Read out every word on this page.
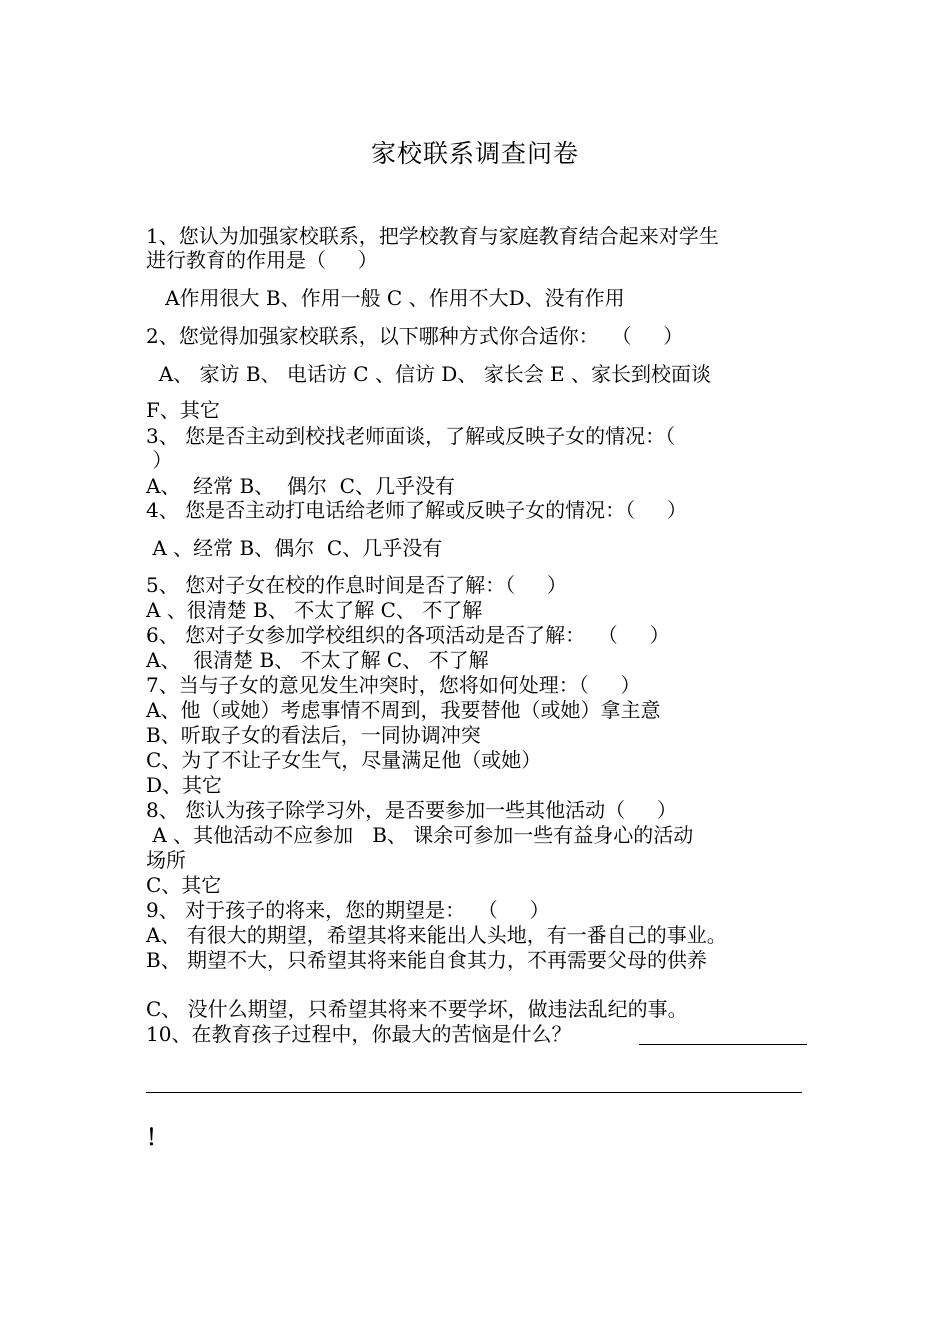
家校联系调查问卷
1、您认为加强家校联系，把学校教育与家庭教育结合起来对学生
进行教育的作用是（     ）
A作用很大 B、作用一般 C 、作用不大D、没有作用
2、您觉得加强家校联系，以下哪种方式你合适你：  （     ）
A、 家访 B、 电话访 C 、信访 D、 家长会 E 、家长到校面谈
F、其它
3、 您是否主动到校找老师面谈，了解或反映子女的情况：（
）
A、  经常 B、  偶尔  C、几乎没有
4、 您是否主动打电话给老师了解或反映子女的情况：（     ）
A 、经常 B、偶尔  C、几乎没有
5、 您对子女在校的作息时间是否了解：（     ）
A 、很清楚 B、 不太了解 C、 不了解
6、 您对子女参加学校组织的各项活动是否了解：  （     ）
A、  很清楚 B、 不太了解 C、 不了解
7、当与子女的意见发生冲突时，您将如何处理：（     ）
A、他（或她）考虑事情不周到，我要替他（或她）拿主意
B、听取子女的看法后，一同协调冲突
C、为了不让子女生气，尽量满足他（或她）
D、其它
8、 您认为孩子除学习外，是否要参加一些其他活动（     ）
A 、其他活动不应参加   B、 课余可参加一些有益身心的活动
场所
C、其它
9、 对于孩子的将来，您的期望是：  （     ）
A、 有很大的期望，希望其将来能出人头地，有一番自己的事业。
B、 期望不大，只希望其将来能自食其力，不再需要父母的供养
C、 没什么期望，只希望其将来不要学坏，做违法乱纪的事。
10、在教育孩子过程中，你最大的苦恼是什么？
！
